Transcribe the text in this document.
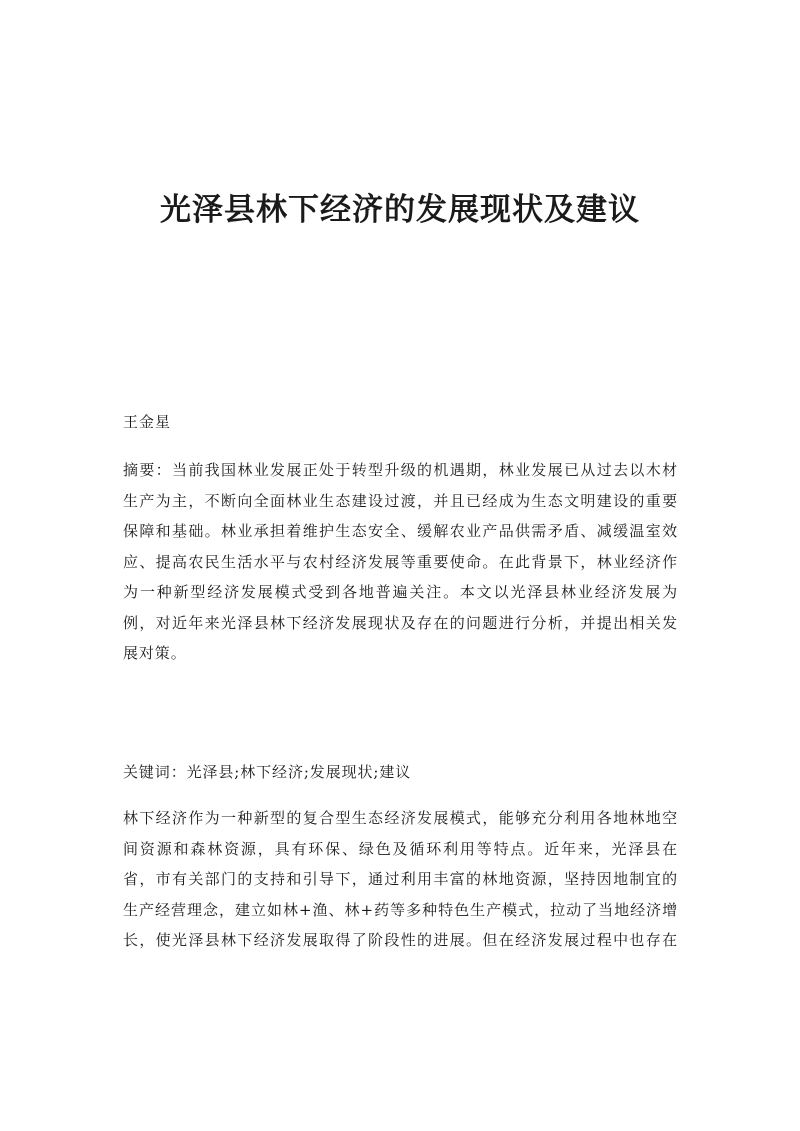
光泽县林下经济的发展现状及建议

王金星

摘要：当前我国林业发展正处于转型升级的机遇期，林业发展已从过去以木材
生产为主，不断向全面林业生态建设过渡，并且已经成为生态文明建设的重要
保障和基础。林业承担着维护生态安全、缓解农业产品供需矛盾、减缓温室效
应、提高农民生活水平与农村经济发展等重要使命。在此背景下，林业经济作
为一种新型经济发展模式受到各地普遍关注。本文以光泽县林业经济发展为
例，对近年来光泽县林下经济发展现状及存在的问题进行分析，并提出相关发
展对策。

关键词：光泽县;林下经济;发展现状;建议

林下经济作为一种新型的复合型生态经济发展模式，能够充分利用各地林地空
间资源和森林资源，具有环保、绿色及循环利用等特点。近年来，光泽县在
省，市有关部门的支持和引导下，通过利用丰富的林地资源，坚持因地制宜的
生产经营理念，建立如林+渔、林+药等多种特色生产模式，拉动了当地经济增
长，使光泽县林下经济发展取得了阶段性的进展。但在经济发展过程中也存在
